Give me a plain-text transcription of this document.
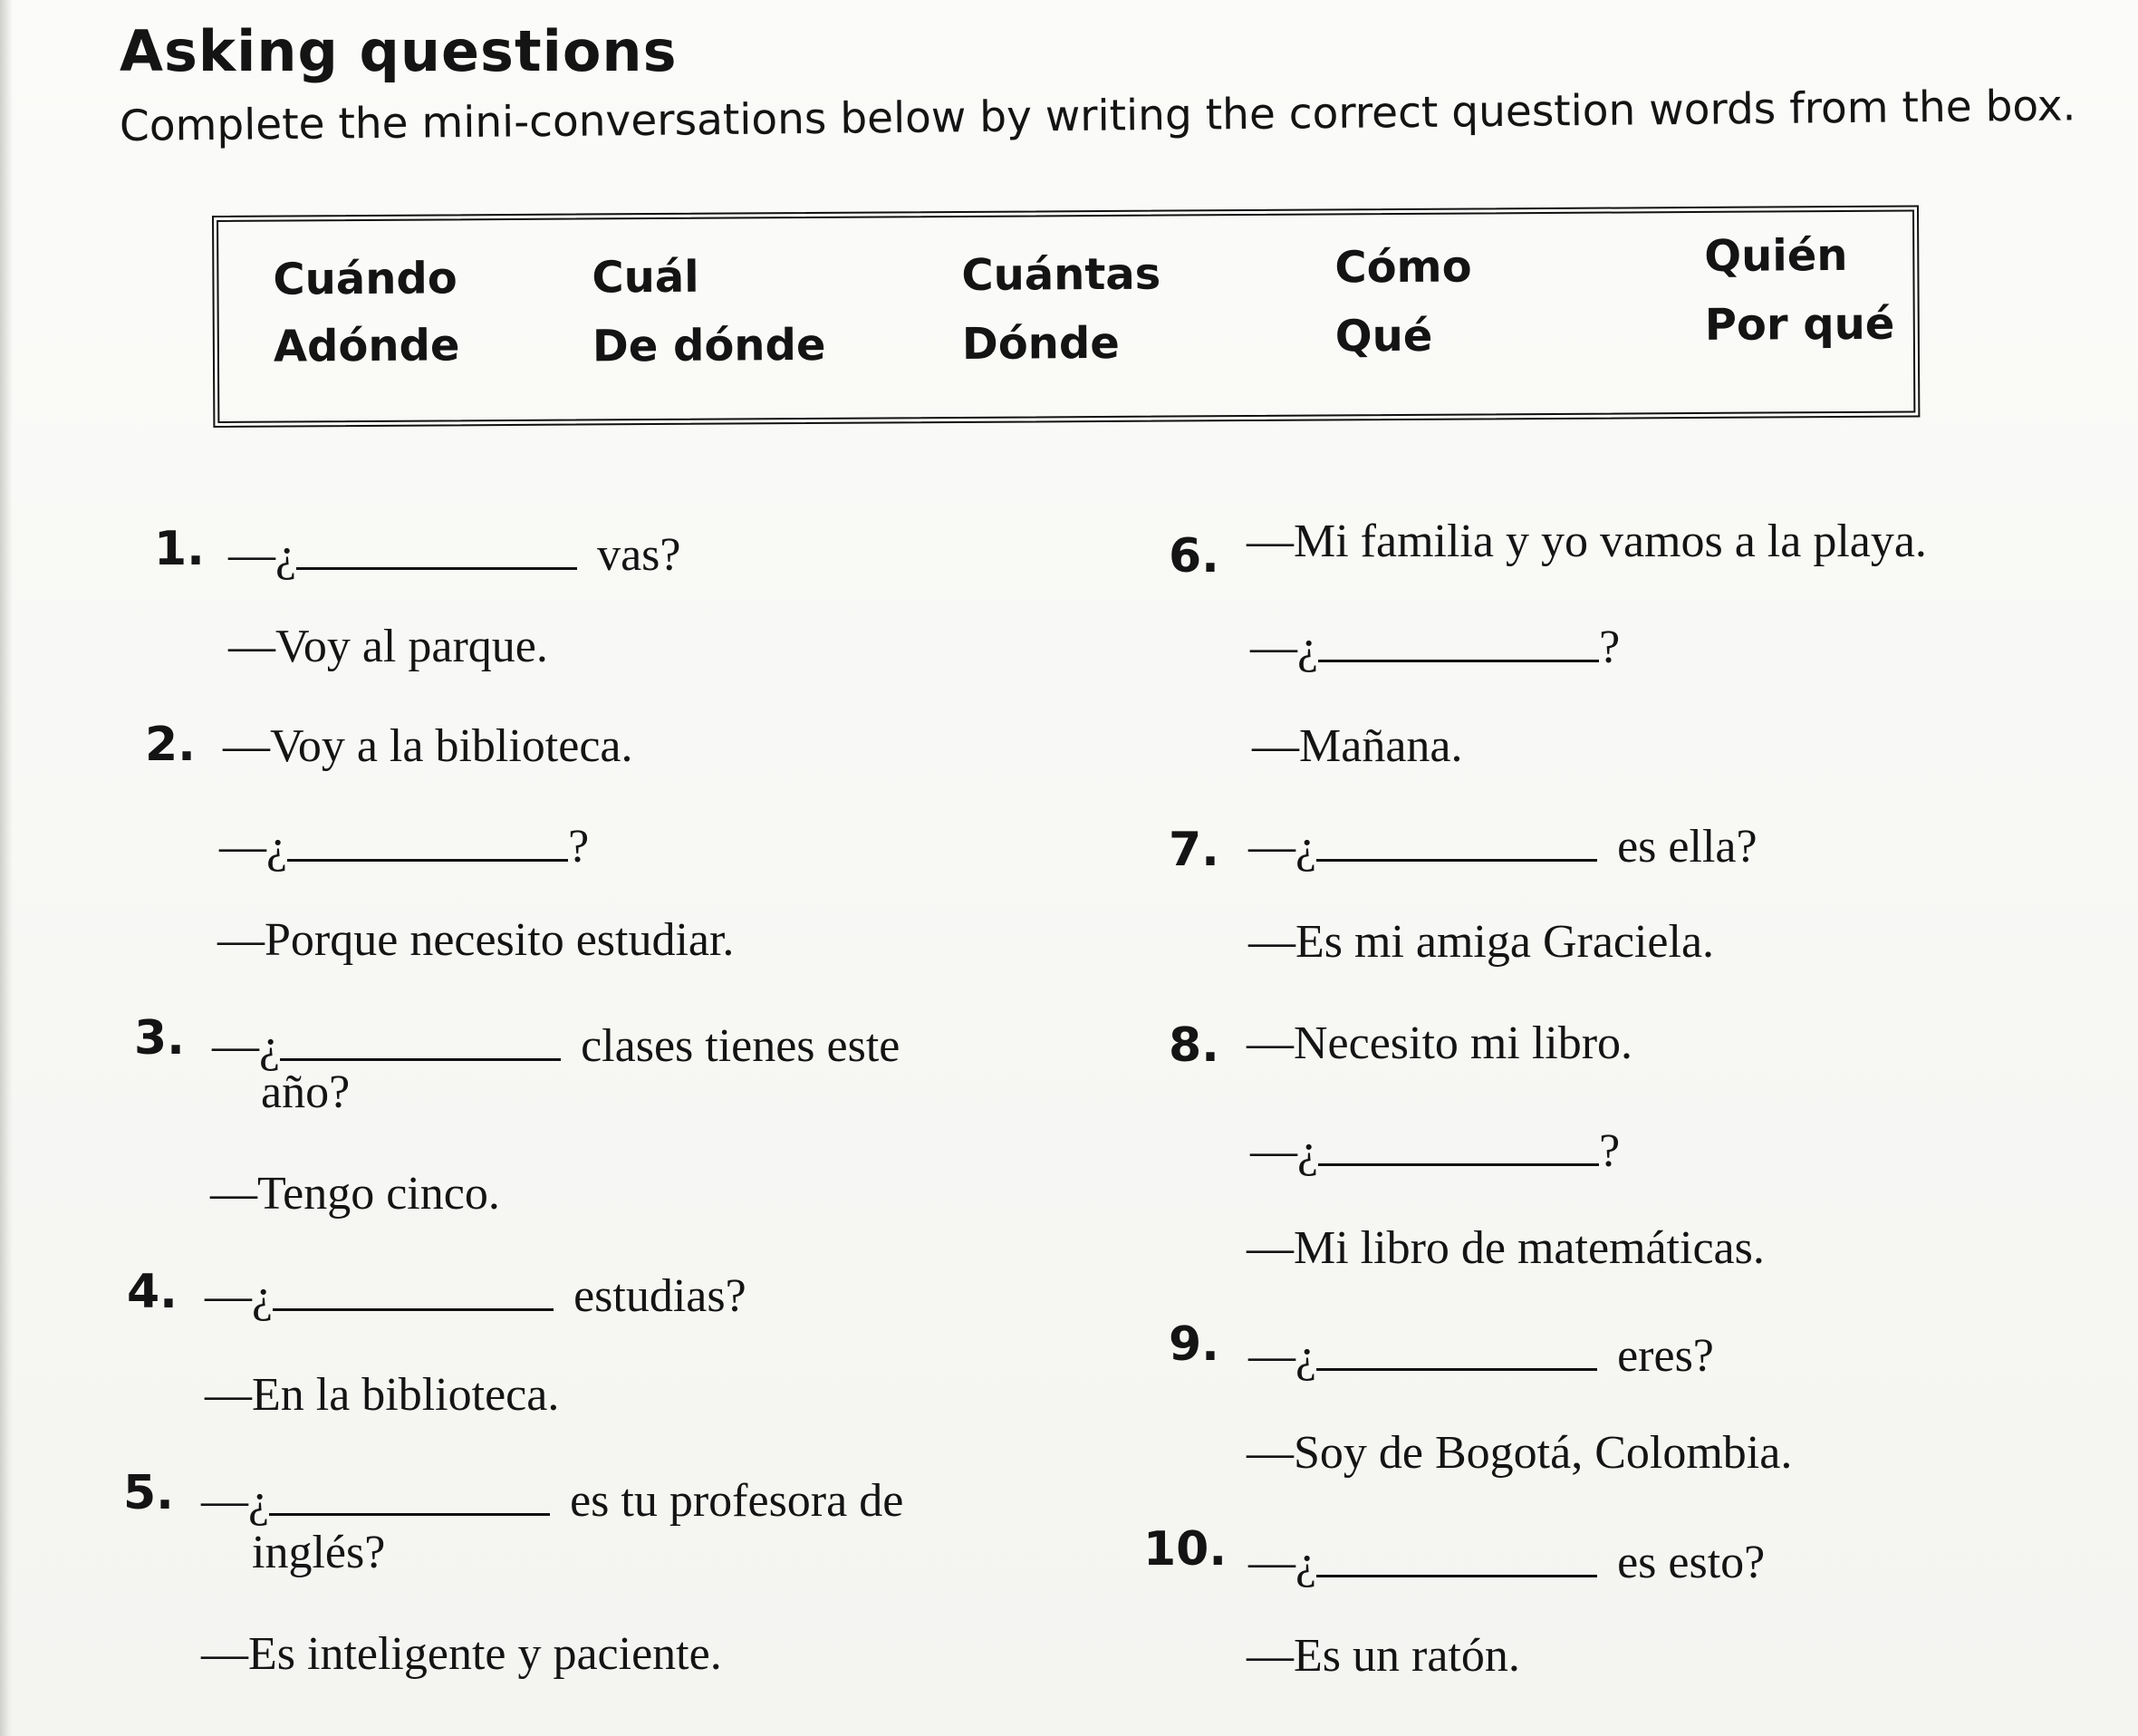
Asking questions
Complete the mini-conversations below by writing the correct question words from the box.
Cuándo	Cuál	Cuántas	Cómo	Quién
Adónde	De dónde	Dónde	Qué	Por qué
1. —¿	vas?
—Voy al parque.
2. —Voy a la biblioteca.
—¿	?
—Porque necesito estudiar.
3. —¿	clases tienes este
año?
—Tengo cinco.
4. —¿	estudias?
—En la biblioteca.
5. —¿	es tu profesora de
inglés?
—Es inteligente y paciente.
6. —Mi familia y yo vamos a la playa.
—¿	?
—Mañana.
7. —¿	es ella?
—Es mi amiga Graciela.
8. —Necesito mi libro.
—¿	?
—Mi libro de matemáticas.
9. —¿	eres?
—Soy de Bogotá, Colombia.
10. —¿	es esto?
—Es un ratón.
